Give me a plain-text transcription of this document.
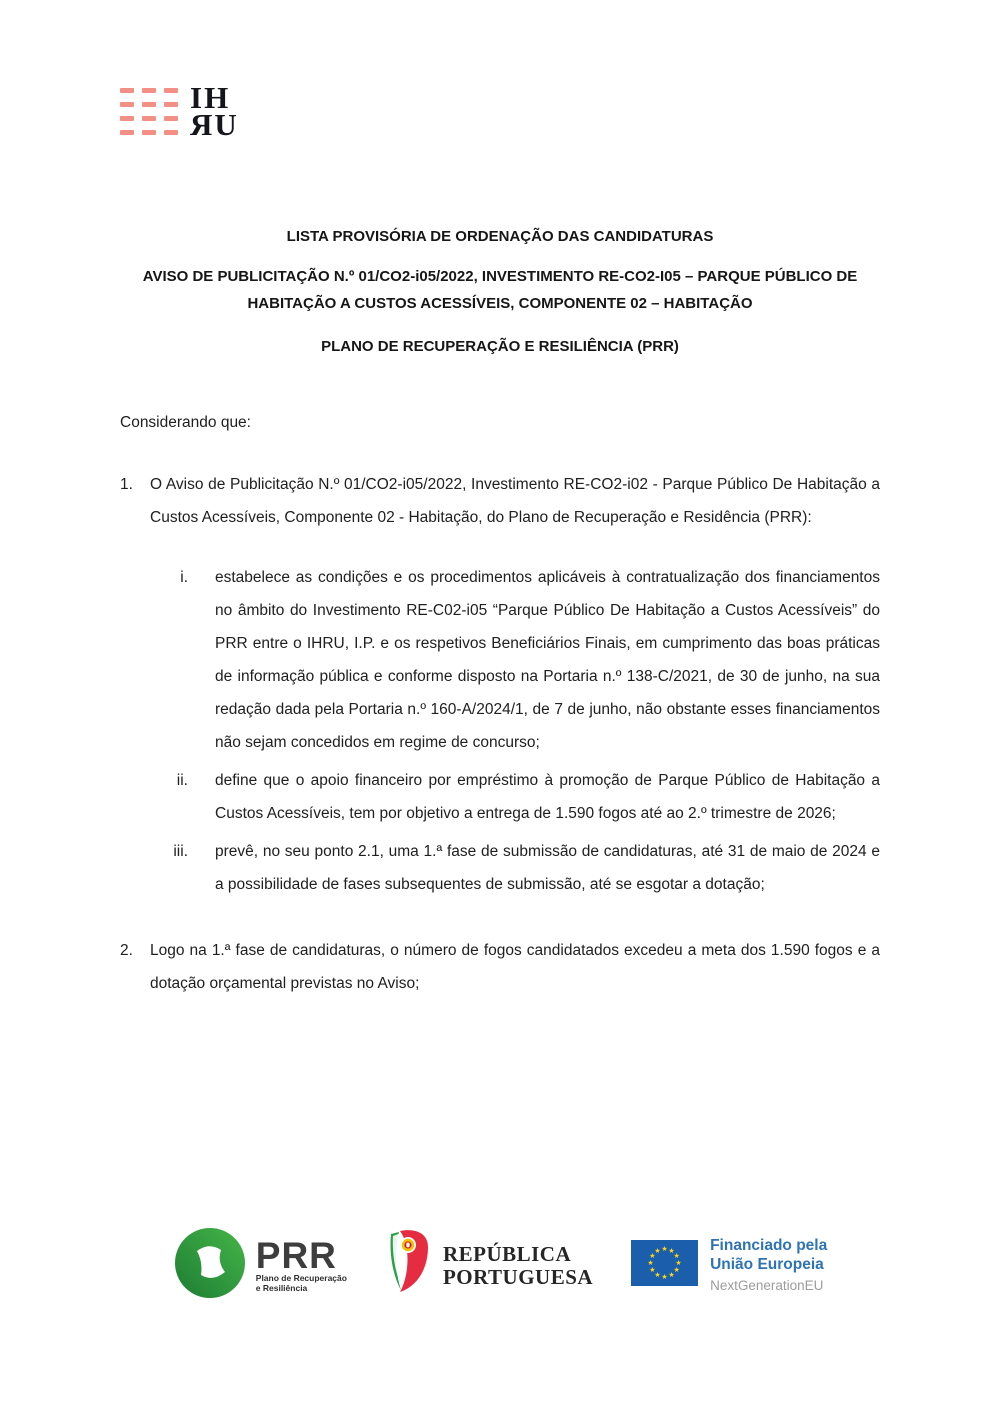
IH
ЯU
LISTA PROVISÓRIA DE ORDENAÇÃO DAS CANDIDATURAS
AVISO DE PUBLICITAÇÃO N.º 01/CO2-i05/2022, INVESTIMENTO RE-CO2-I05 – PARQUE PÚBLICO DE HABITAÇÃO A CUSTOS ACESSÍVEIS, COMPONENTE 02 – HABITAÇÃO
PLANO DE RECUPERAÇÃO E RESILIÊNCIA (PRR)

Considerando que:

1.	O Aviso de Publicitação N.º 01/CO2-i05/2022, Investimento RE-CO2-i02 - Parque Público De Habitação a Custos Acessíveis, Componente 02 - Habitação, do Plano de Recuperação e Residência (PRR):
i. estabelece as condições e os procedimentos aplicáveis à contratualização dos financiamentos no âmbito do Investimento RE-C02-i05 “Parque Público De Habitação a Custos Acessíveis” do PRR entre o IHRU, I.P. e os respetivos Beneficiários Finais, em cumprimento das boas práticas de informação pública e conforme disposto na Portaria n.º 138-C/2021, de 30 de junho, na sua redação dada pela Portaria n.º 160-A/2024/1, de 7 de junho, não obstante esses financiamentos não sejam concedidos em regime de concurso;
ii. define que o apoio financeiro por empréstimo à promoção de Parque Público de Habitação a Custos Acessíveis, tem por objetivo a entrega de 1.590 fogos até ao 2.º trimestre de 2026;
iii. prevê, no seu ponto 2.1, uma 1.ª fase de submissão de candidaturas, até 31 de maio de 2024 e a possibilidade de fases subsequentes de submissão, até se esgotar a dotação;
2.	Logo na 1.ª fase de candidaturas, o número de fogos candidatados excedeu a meta dos 1.590 fogos e a dotação orçamental previstas no Aviso;
PRR
Plano de Recuperação
e Resiliência
REPÚBLICA
PORTUGUESA
★ ★
★
★
★
★
★
★
★
★
★
★	Financiado pela
União Europeia
NextGenerationEU
